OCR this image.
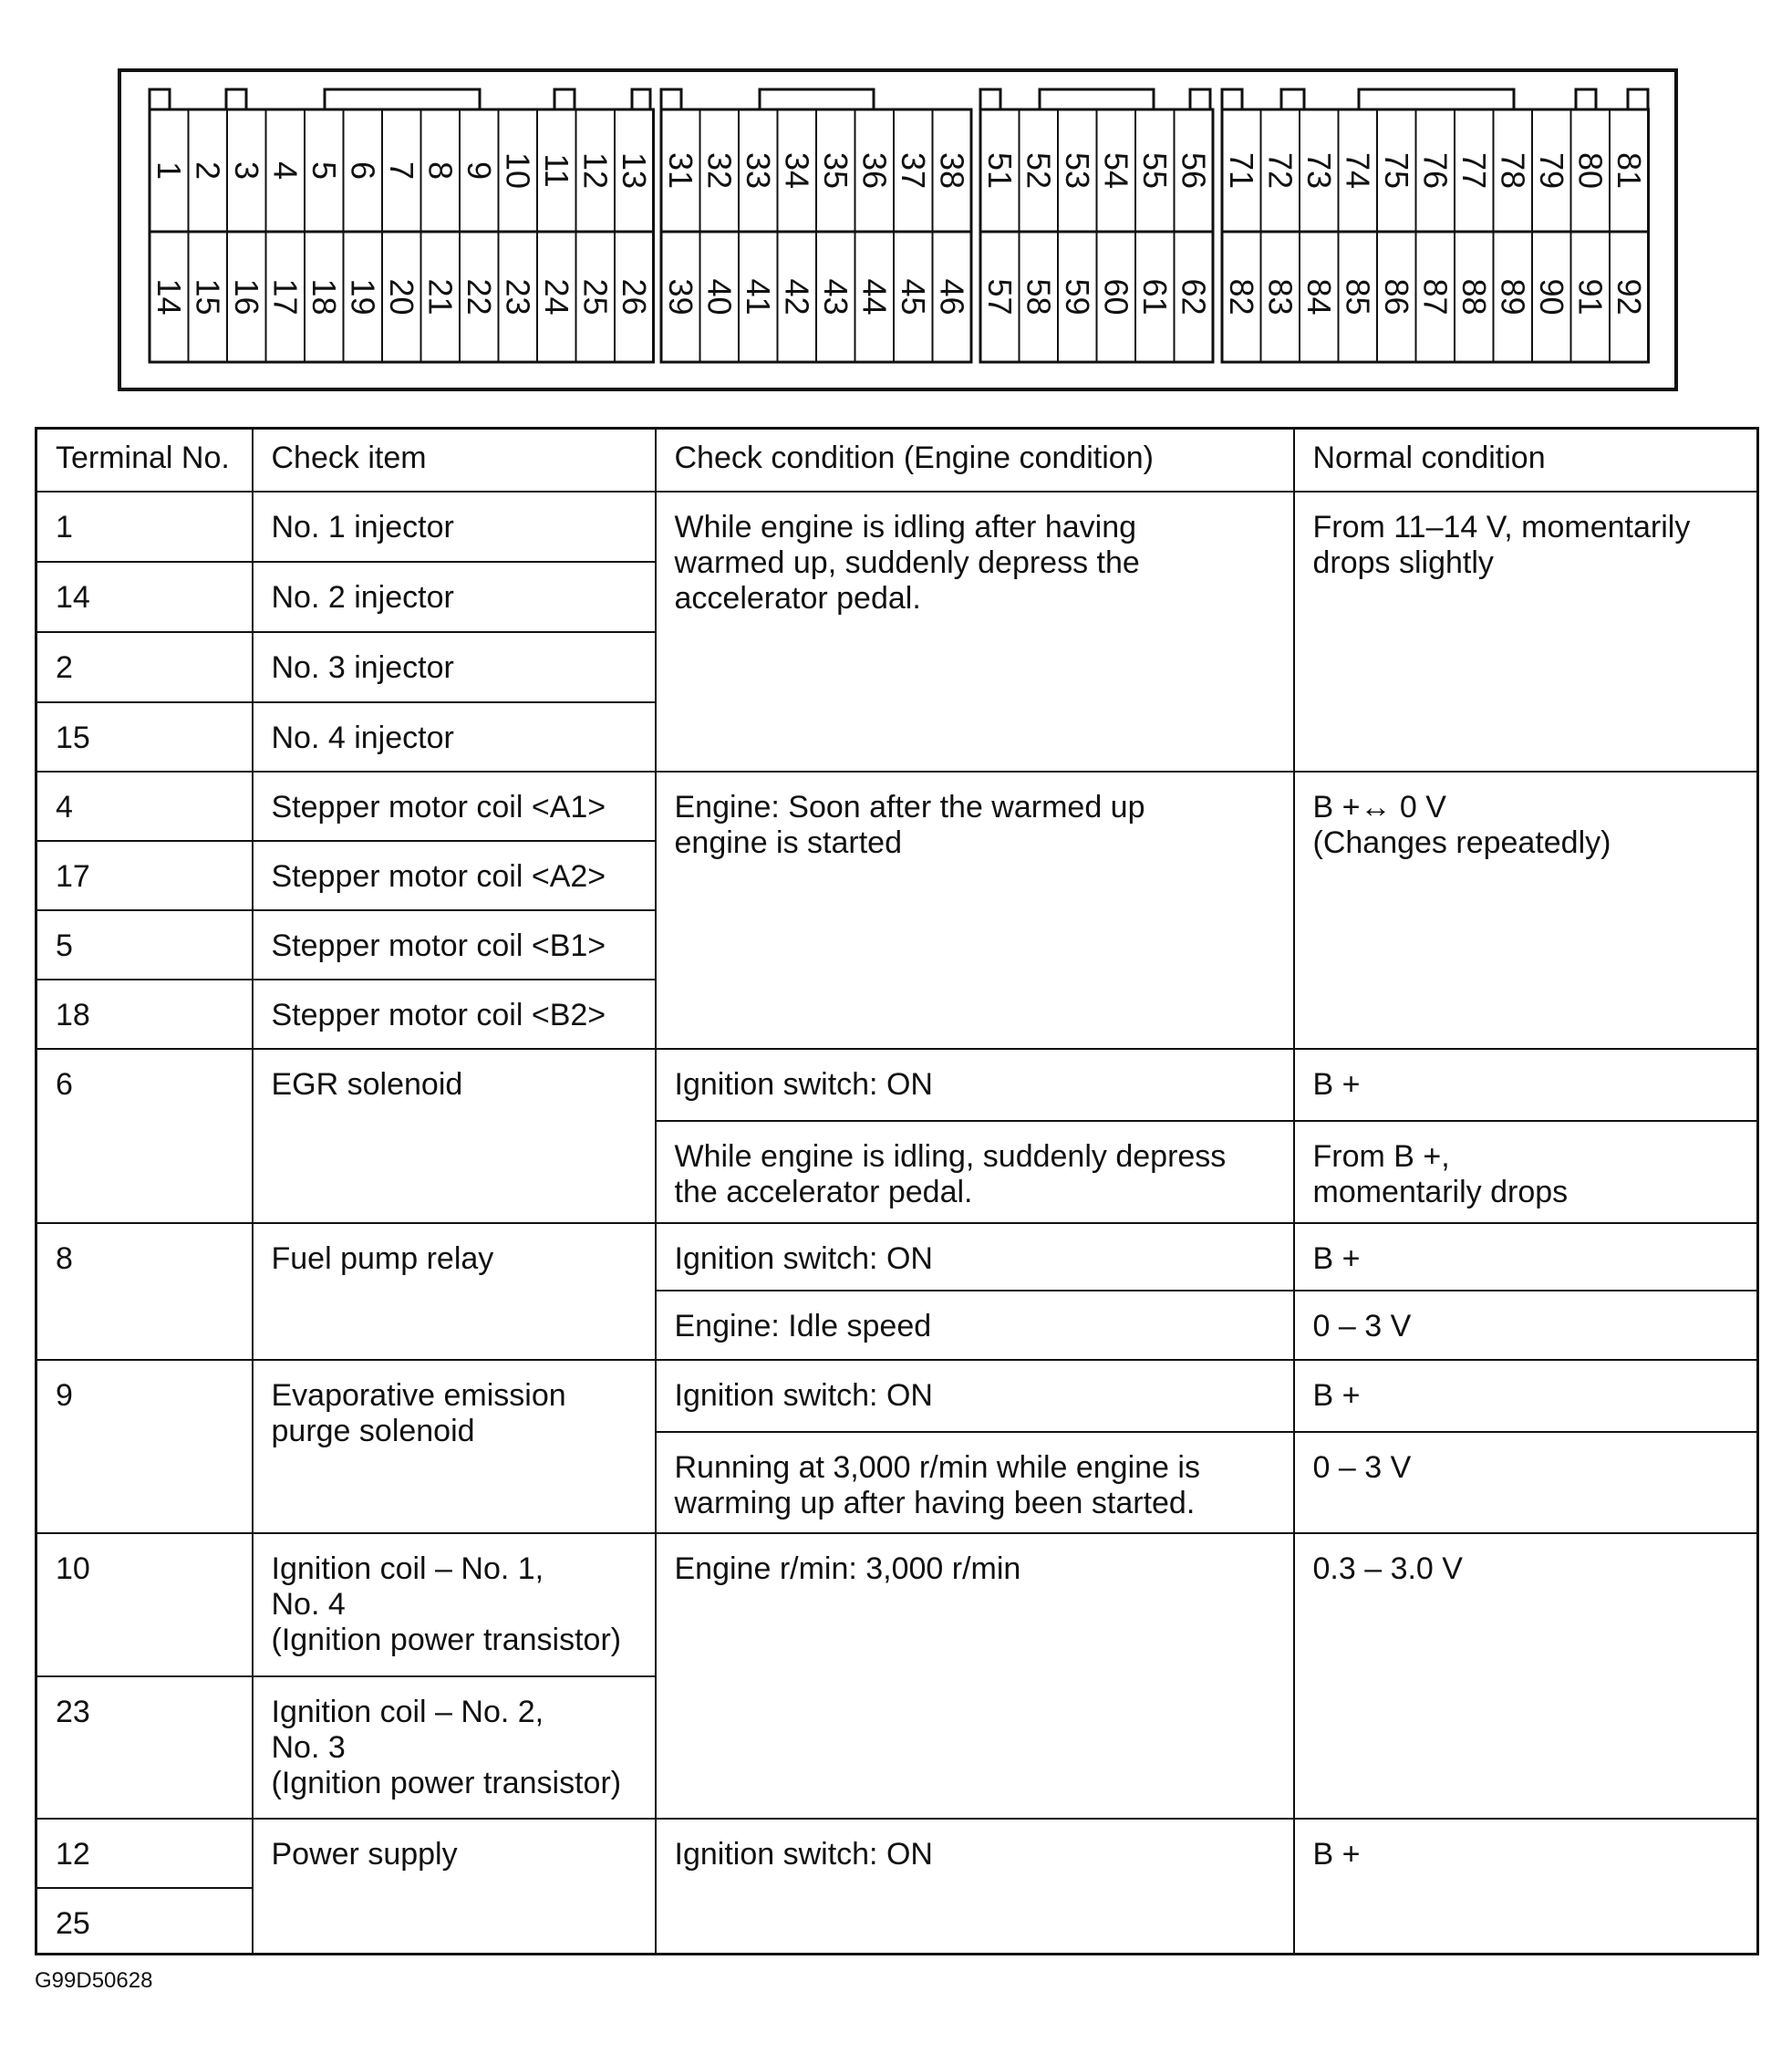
1 2 3 4 5 6 7 8 9 10 11 12 13
14 15 16 17 18 19 20 21 22 23 24 25 26
31 32 33 34 35 36 37 38
39 40 41 42 43 44 45 46
51 52 53 54 55 56
57 58 59 60 61 62
71 72 73 74 75 76 77 78 79 80 81
82 83 84 85 86 87 88 89 90 91 92
Terminal No.	Check item	Check condition (Engine condition)	Normal condition
1	No. 1 injector	While engine is idling after having
warmed up, suddenly depress the
accelerator pedal.	From 11–14 V, momentarily
drops slightly
14	No. 2 injector		
2	No. 3 injector		
15	No. 4 injector		
4	Stepper motor coil <A1>	Engine: Soon after the warmed up
engine is started	B +↔ 0 V
(Changes repeatedly)
17	Stepper motor coil <A2>		
5	Stepper motor coil <B1>		
18	Stepper motor coil <B2>		
6	EGR solenoid	Ignition switch: ON	B +
		While engine is idling, suddenly depress
the accelerator pedal.	From B +,
momentarily drops
8	Fuel pump relay	Ignition switch: ON	B +
		Engine: Idle speed	0 – 3 V
9	Evaporative emission
purge solenoid	Ignition switch: ON	B +
		Running at 3,000 r/min while engine is
warming up after having been started.	0 – 3 V
10	Ignition coil – No. 1,
No. 4
(Ignition power transistor)	Engine r/min: 3,000 r/min	0.3 – 3.0 V
23	Ignition coil – No. 2,
No. 3
(Ignition power transistor)		
12	Power supply	Ignition switch: ON	B +
25			
G99D50628
